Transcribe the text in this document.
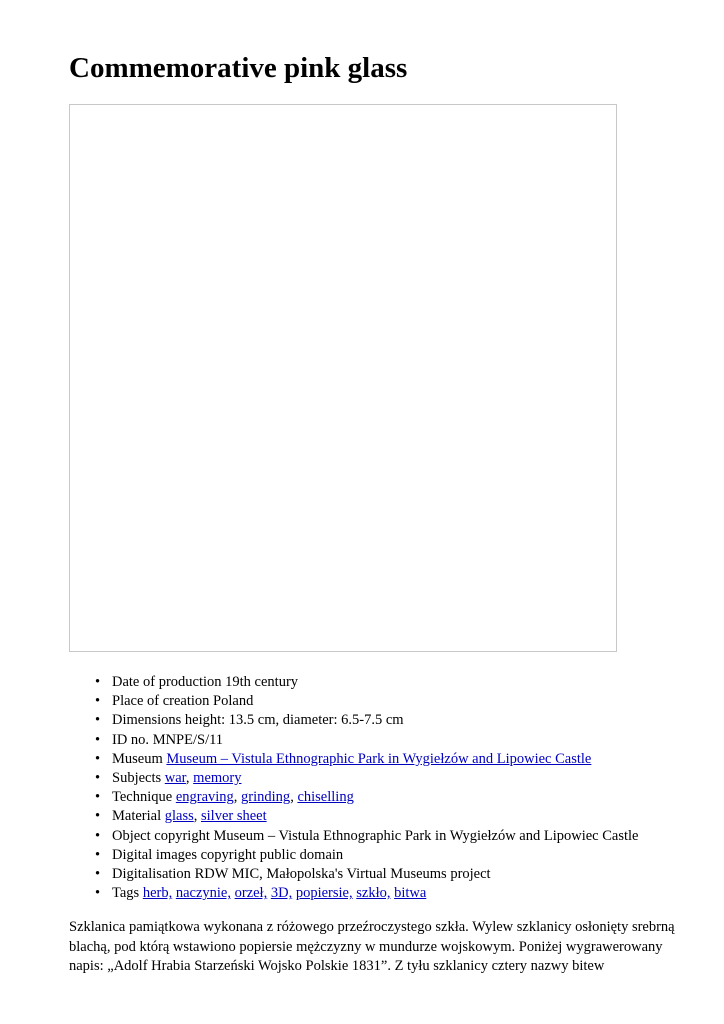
Commemorative pink glass
• Date of production 19th century
• Place of creation Poland
• Dimensions height: 13.5 cm, diameter: 6.5-7.5 cm
• ID no. MNPE/S/11
• Museum Museum – Vistula Ethnographic Park in Wygiełzów and Lipowiec Castle
• Subjects war, memory
• Technique engraving, grinding, chiselling
• Material glass, silver sheet
• Object copyright Museum – Vistula Ethnographic Park in Wygiełzów and Lipowiec Castle
• Digital images copyright public domain
• Digitalisation RDW MIC, Małopolska's Virtual Museums project
• Tags herb, naczynie, orzeł, 3D, popiersie, szkło, bitwa

Szklanica pamiątkowa wykonana z różowego przeźroczystego szkła. Wylew szklanicy osłonięty srebrną blachą, pod którą wstawiono popiersie mężczyzny w mundurze wojskowym. Poniżej wygrawerowany napis: „Adolf Hrabia Starzeński Wojsko Polskie 1831”. Z tyłu szklanicy cztery nazwy bitew
